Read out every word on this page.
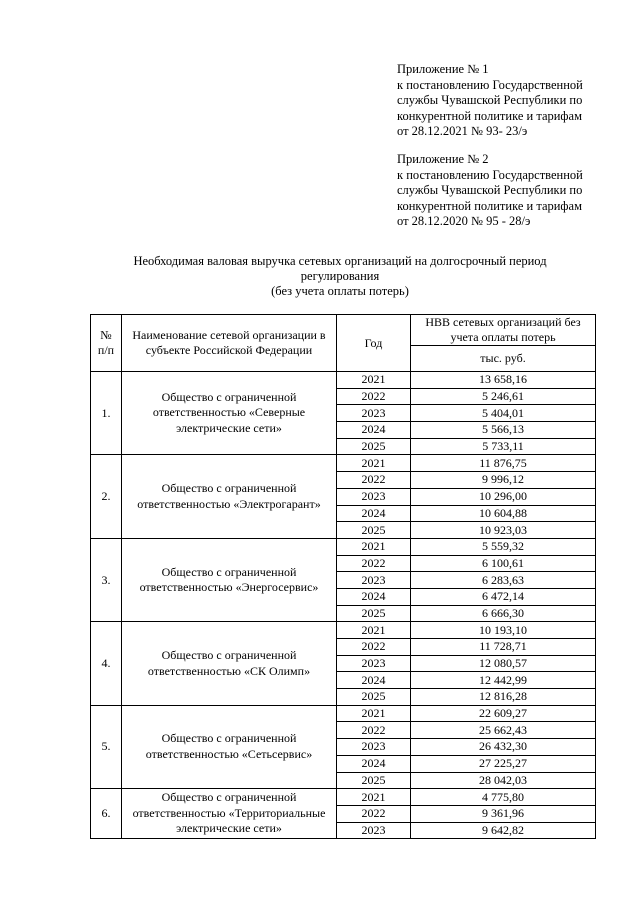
Приложение № 1
к постановлению Государственной
службы Чувашской Республики по
конкурентной политике и тарифам
от 28.12.2021 № 93- 23/э
Приложение № 2
к постановлению Государственной
службы Чувашской Республики по
конкурентной политике и тарифам
от 28.12.2020 № 95 - 28/э
Необходимая валовая выручка сетевых организаций на долгосрочный период
регулирования
(без учета оплаты потерь)
№ п/п	Наименование сетевой организации в субъекте Российской Федерации	Год	НВВ сетевых организаций без учета оплаты потерь
			тыс. руб.
1.	Общество с ограниченной ответственностью «Северные электрические сети»	2021	13 658,16
		2022	5 246,61
		2023	5 404,01
		2024	5 566,13
		2025	5 733,11
2.	Общество с ограниченной ответственностью «Электрогарант»	2021	11 876,75
		2022	9 996,12
		2023	10 296,00
		2024	10 604,88
		2025	10 923,03
3.	Общество с ограниченной ответственностью «Энергосервис»	2021	5 559,32
		2022	6 100,61
		2023	6 283,63
		2024	6 472,14
		2025	6 666,30
4.	Общество с ограниченной ответственностью «СК Олимп»	2021	10 193,10
		2022	11 728,71
		2023	12 080,57
		2024	12 442,99
		2025	12 816,28
5.	Общество с ограниченной ответственностью «Сетьсервис»	2021	22 609,27
		2022	25 662,43
		2023	26 432,30
		2024	27 225,27
		2025	28 042,03
6.	Общество с ограниченной ответственностью «Территориальные электрические сети»	2021	4 775,80
		2022	9 361,96
		2023	9 642,82
